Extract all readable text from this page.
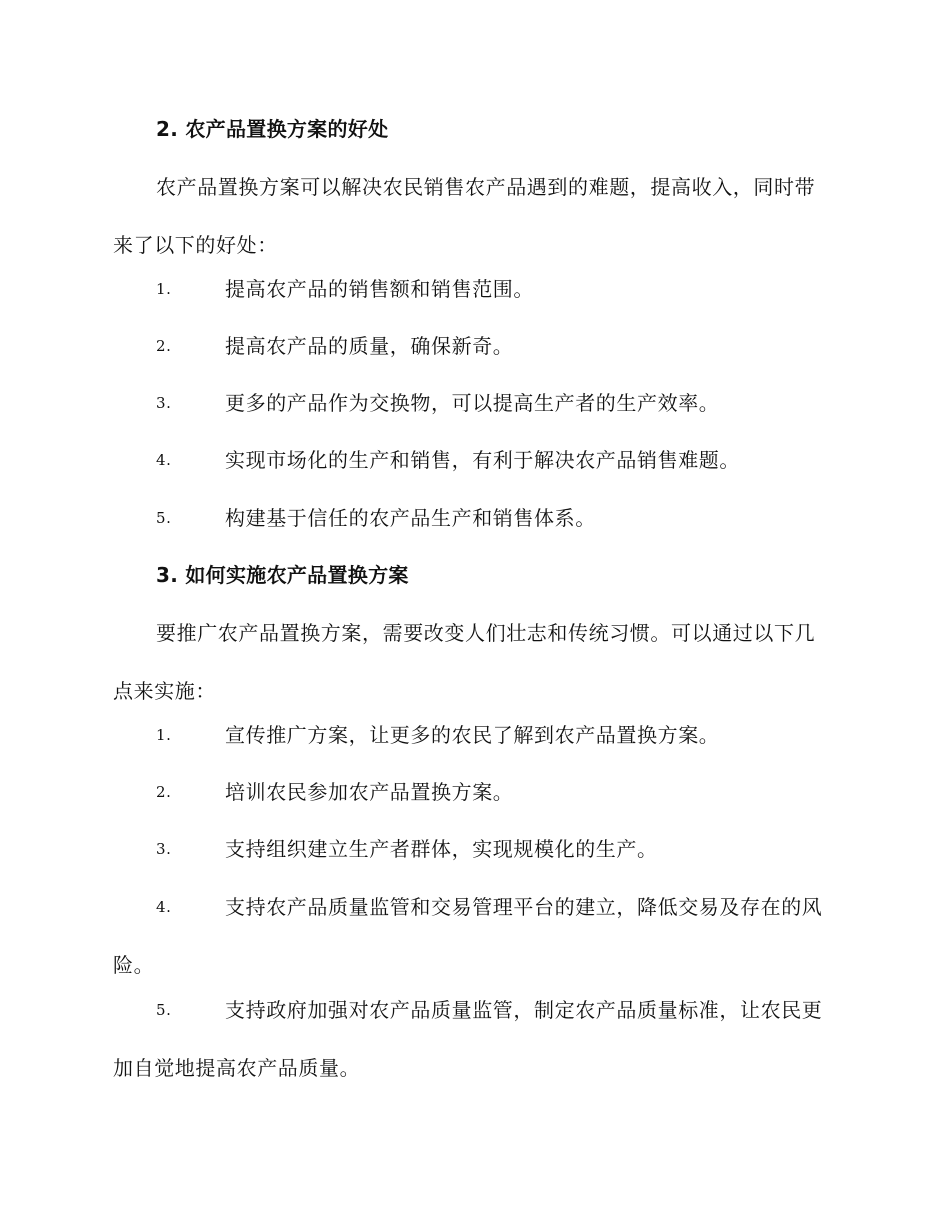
2. 农产品置换方案的好处

农产品置换方案可以解决农民销售农产品遇到的难题，提高收入，同时带来了以下的好处：

1.	提高农产品的销售额和销售范围。
2.	提高农产品的质量，确保新奇。
3.	更多的产品作为交换物，可以提高生产者的生产效率。
4.	实现市场化的生产和销售，有利于解决农产品销售难题。
5.	构建基于信任的农产品生产和销售体系。
3. 如何实施农产品置换方案

要推广农产品置换方案，需要改变人们壮志和传统习惯。可以通过以下几点来实施：

1.	宣传推广方案，让更多的农民了解到农产品置换方案。
2.	培训农民参加农产品置换方案。
3.	支持组织建立生产者群体，实现规模化的生产。
4.	支持农产品质量监管和交易管理平台的建立，降低交易及存在的风险。
5.	支持政府加强对农产品质量监管，制定农产品质量标准，让农民更加自觉地提高农产品质量。
